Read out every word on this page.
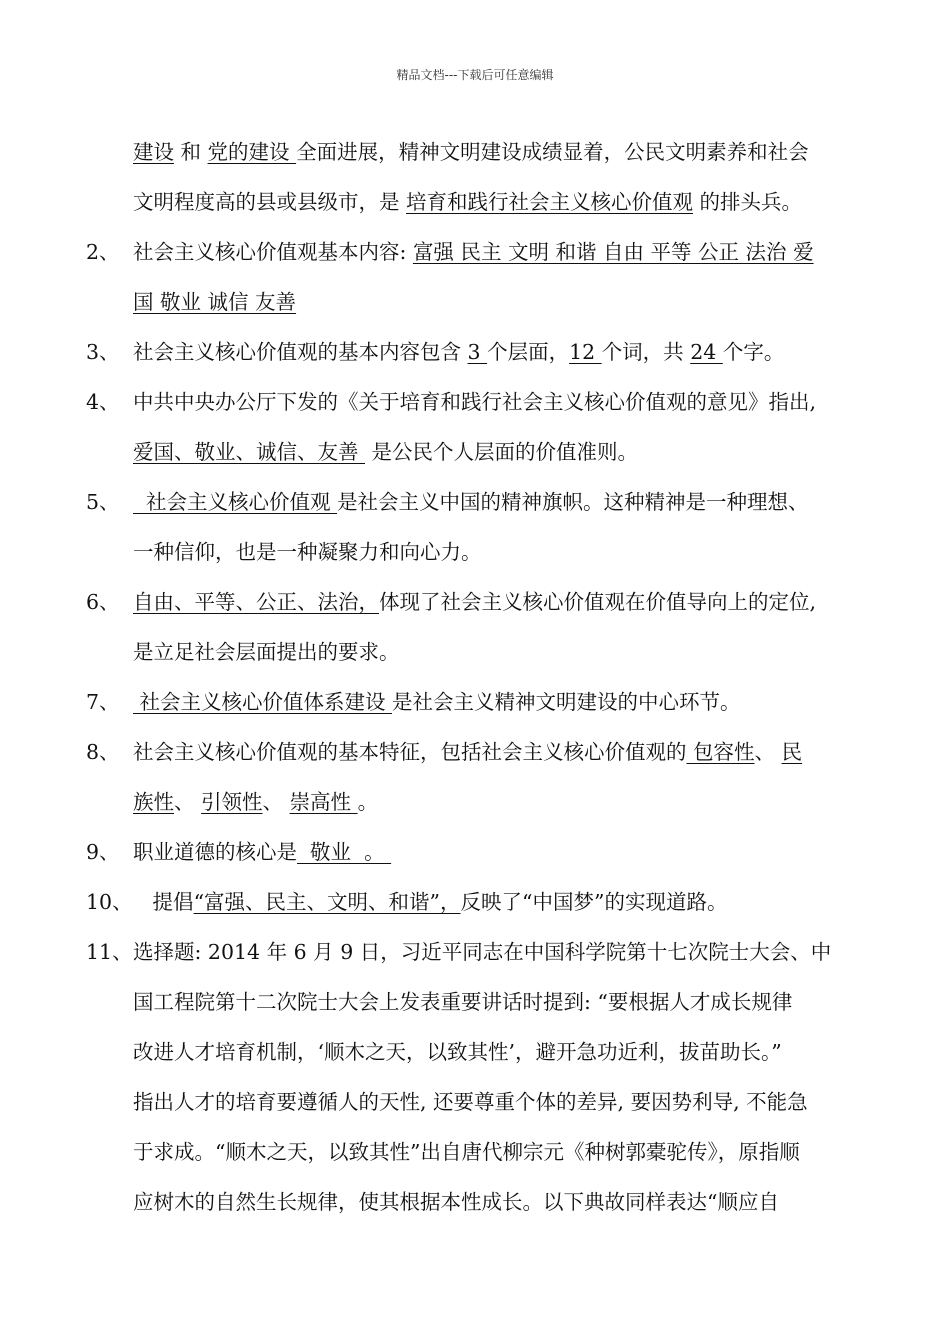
精品文档---下载后可任意编辑
建设 和 党的建设 全面进展，精神文明建设成绩显着，公民文明素养和社会
文明程度高的县或县级市，是 培育和践行社会主义核心价值观 的排头兵。
2、 社会主义核心价值观基本内容: 富强 民主 文明 和谐 自由 平等 公正 法治 爱
国 敬业 诚信 友善
3、 社会主义核心价值观的基本内容包含 3 个层面，12 个词，共 24 个字。
4、 中共中央办公厅下发的《关于培育和践行社会主义核心价值观的意见》指出,
爱国、敬业、诚信、友善  是公民个人层面的价值准则。
5、 社会主义核心价值观 是社会主义中国的精神旗帜。这种精神是一种理想、
一种信仰，也是一种凝聚力和向心力。
6、 自由、平等、公正、法治，体现了社会主义核心价值观在价值导向上的定位,
是立足社会层面提出的要求。
7、 社会主义核心价值体系建设 是社会主义精神文明建设的中心环节。
8、 社会主义核心价值观的基本特征，包括社会主义核心价值观的 包容性、 民
族性、 引领性、 崇高性 。
9、 职业道德的核心是  敬业  。
10、 提倡“富强、民主、文明、和谐”，反映了“中国梦”的实现道路。
11、 选择题: 2014 年 6 月 9 日，习近平同志在中国科学院第十七次院士大会、中
国工程院第十二次院士大会上发表重要讲话时提到: “要根据人才成长规律
改进人才培育机制，‘顺木之天，以致其性’，避开急功近利，拔苗助长。”
指出人才的培育要遵循人的天性, 还要尊重个体的差异, 要因势利导, 不能急
于求成。“顺木之天，以致其性”出自唐代柳宗元《种树郭橐驼传》，原指顺
应树木的自然生长规律，使其根据本性成长。以下典故同样表达“顺应自
